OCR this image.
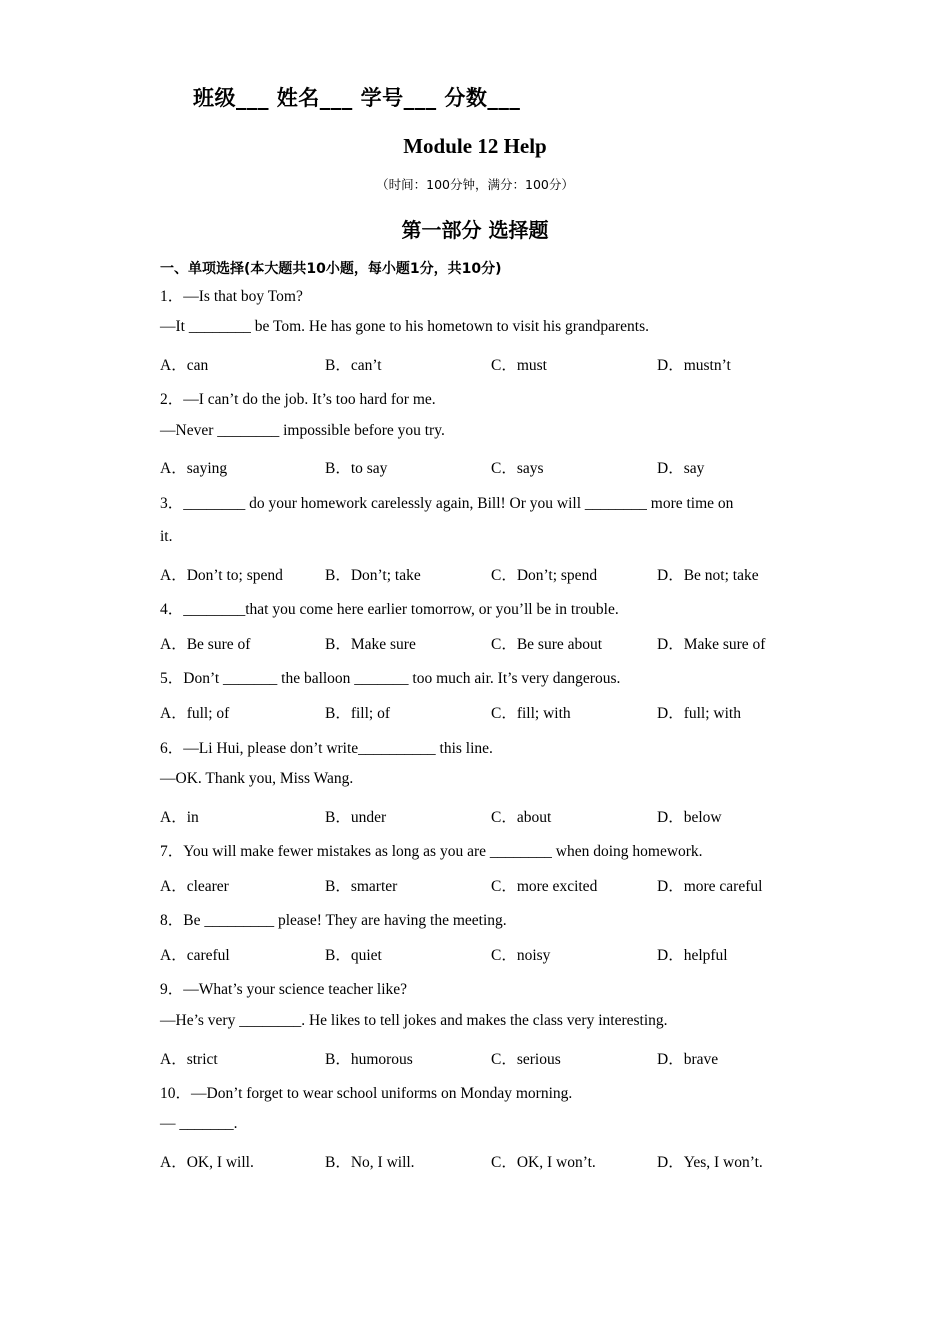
班级___ 姓名___ 学号___ 分数___
Module 12 Help
（时间：100分钟，满分：100分）
第一部分 选择题
一、单项选择(本大题共10小题，每小题1分，共10分)
1．—Is that boy Tom?
—It ________ be Tom. He has gone to his hometown to visit his grandparents.
A．can	B．can’t	C．must	D．mustn’t
2．—I can’t do the job. It’s too hard for me.
—Never ________ impossible before you try.
A．saying	B．to say	C．says	D．say
3．________ do your homework carelessly again, Bill! Or you will ________ more time on
it.
A．Don’t to; spend	B．Don’t; take	C．Don’t; spend	D．Be not; take
4．________that you come here earlier tomorrow, or you’ll be in trouble.
A．Be sure of	B．Make sure	C．Be sure about	D．Make sure of
5．Don’t _______ the balloon _______ too much air. It’s very dangerous.
A．full; of	B．fill; of	C．fill; with	D．full; with
6．—Li Hui, please don’t write__________ this line.
—OK. Thank you, Miss Wang.
A．in	B．under	C．about	D．below
7．You will make fewer mistakes as long as you are ________ when doing homework.
A．clearer	B．smarter	C．more excited	D．more careful
8．Be _________ please! They are having the meeting.
A．careful	B．quiet	C．noisy	D．helpful
9．—What’s your science teacher like?
—He’s very ________. He likes to tell jokes and makes the class very interesting.
A．strict	B．humorous	C．serious	D．brave
10．—Don’t forget to wear school uniforms on Monday morning.
— _______.
A．OK, I will.	B．No, I will.	C．OK, I won’t.	D．Yes, I won’t.
